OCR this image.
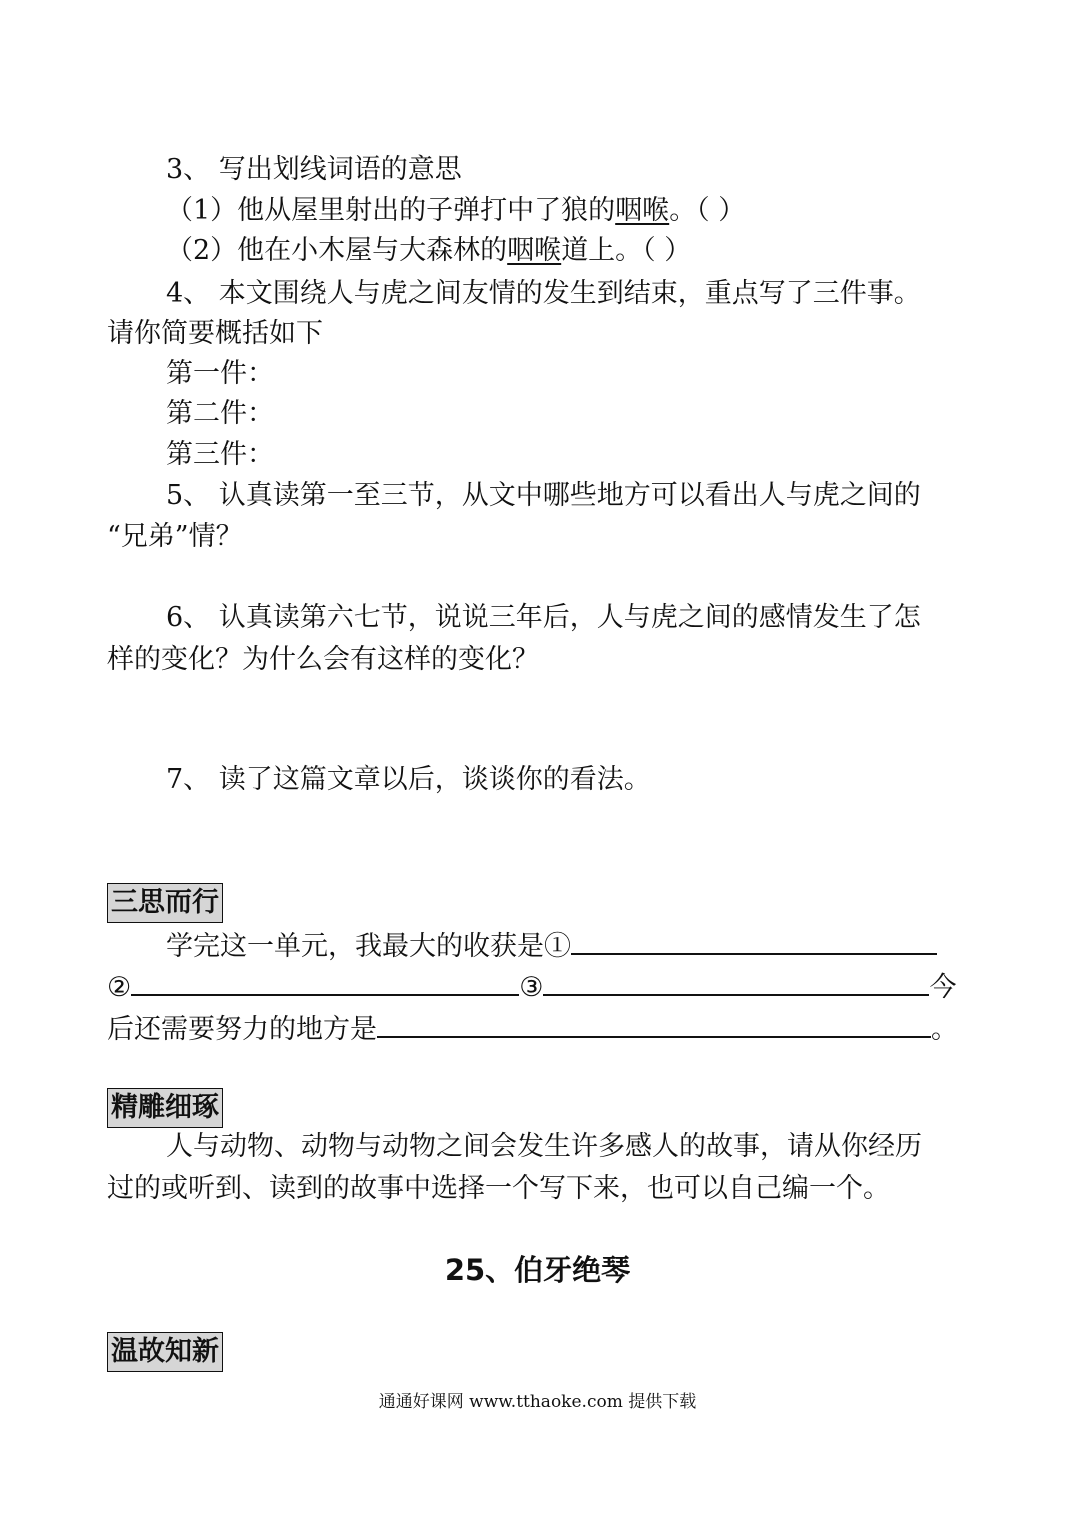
3、 写出划线词语的意思
（1）他从屋里射出的子弹打中了狼的咽喉。（ ）
（2）他在小木屋与大森林的咽喉道上。（ ）
4、 本文围绕人与虎之间友情的发生到结束，重点写了三件事。
请你简要概括如下
第一件：
第二件：
第三件：
5、 认真读第一至三节，从文中哪些地方可以看出人与虎之间的
“兄弟”情？
6、 认真读第六七节，说说三年后，人与虎之间的感情发生了怎
样的变化？为什么会有这样的变化？
7、 读了这篇文章以后，谈谈你的看法。
三思而行
学完这一单元，我最大的收获是①
②	③	今
后还需要努力的地方是	。
精雕细琢
人与动物、动物与动物之间会发生许多感人的故事，请从你经历
过的或听到、读到的故事中选择一个写下来，也可以自己编一个。
25、伯牙绝琴
温故知新
通通好课网 www.tthaoke.com 提供下载
